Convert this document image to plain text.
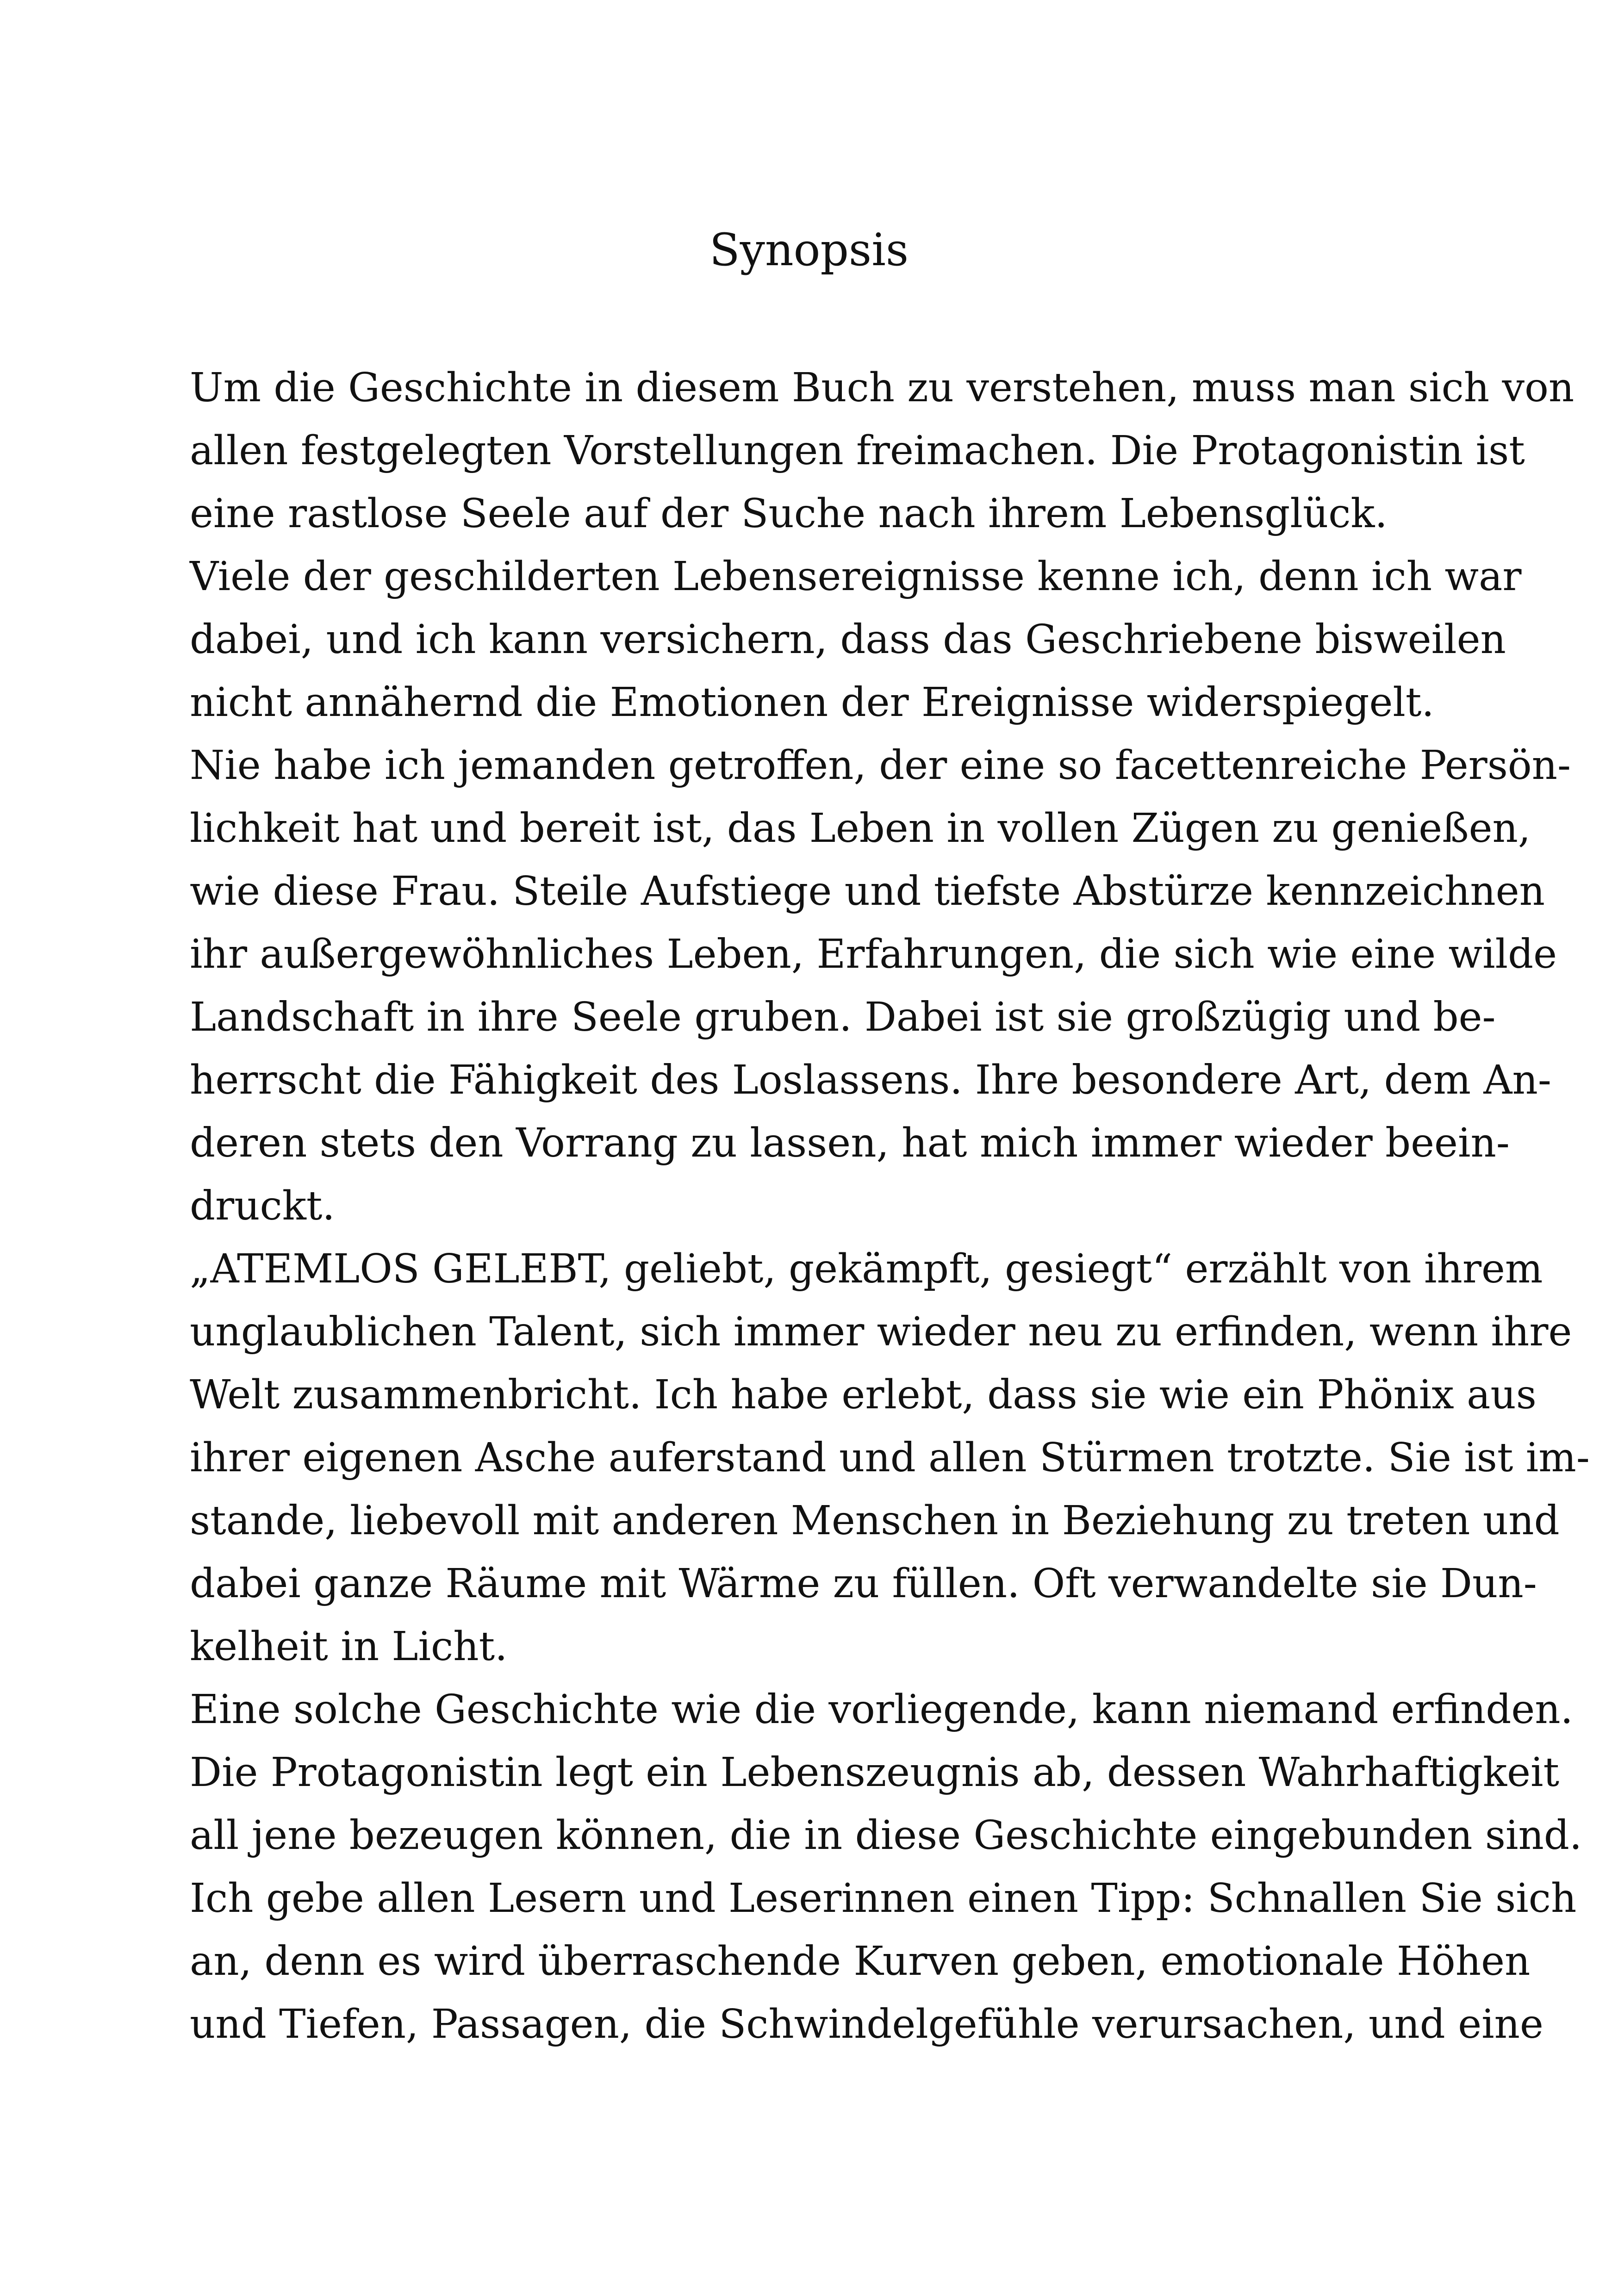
Synopsis
Um die Geschichte in diesem Buch zu verstehen, muss man sich von
allen festgelegten Vorstellungen freimachen. Die Protagonistin ist
eine rastlose Seele auf der Suche nach ihrem Lebensglück.
Viele der geschilderten Lebensereignisse kenne ich, denn ich war
dabei, und ich kann versichern, dass das Geschriebene bisweilen
nicht annähernd die Emotionen der Ereignisse widerspiegelt.
Nie habe ich jemanden getroffen, der eine so facettenreiche Persön-
lichkeit hat und bereit ist, das Leben in vollen Zügen zu genießen,
wie diese Frau. Steile Aufstiege und tiefste Abstürze kennzeichnen
ihr außergewöhnliches Leben, Erfahrungen, die sich wie eine wilde
Landschaft in ihre Seele gruben. Dabei ist sie großzügig und be-
herrscht die Fähigkeit des Loslassens. Ihre besondere Art, dem An-
deren stets den Vorrang zu lassen, hat mich immer wieder beein-
druckt.
„ATEMLOS GELEBT, geliebt, gekämpft, gesiegt“ erzählt von ihrem
unglaublichen Talent, sich immer wieder neu zu erfinden, wenn ihre
Welt zusammenbricht. Ich habe erlebt, dass sie wie ein Phönix aus
ihrer eigenen Asche auferstand und allen Stürmen trotzte. Sie ist im-
stande, liebevoll mit anderen Menschen in Beziehung zu treten und
dabei ganze Räume mit Wärme zu füllen. Oft verwandelte sie Dun-
kelheit in Licht.
Eine solche Geschichte wie die vorliegende, kann niemand erfinden.
Die Protagonistin legt ein Lebenszeugnis ab, dessen Wahrhaftigkeit
all jene bezeugen können, die in diese Geschichte eingebunden sind.
Ich gebe allen Lesern und Leserinnen einen Tipp: Schnallen Sie sich
an, denn es wird überraschende Kurven geben, emotionale Höhen
und Tiefen, Passagen, die Schwindelgefühle verursachen, und eine
